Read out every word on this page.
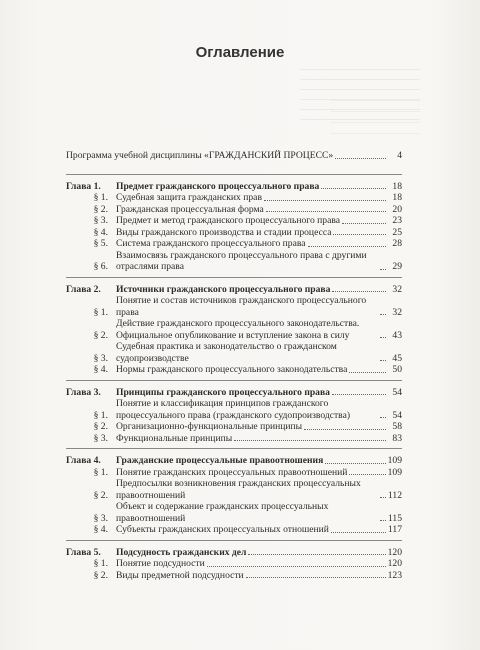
Оглавление
Программа учебной дисциплины «ГРАЖДАНСКИЙ ПРОЦЕСС»	4
Глава 1.	Предмет гражданского процессуального права	18
§ 1. Судебная защита гражданских прав	18
§ 2. Гражданская процессуальная форма	20
§ 3. Предмет и метод гражданского процессуального права	23
§ 4. Виды гражданского производства и стадии процесса	25
§ 5. Система гражданского процессуального права	28
§ 6.
Взаимосвязь гражданского процессуального права с другими отраслями права	29
Глава 2.	Источники гражданского процессуального права	32
§ 1.
Понятие и состав источников гражданского процессуального права	32
§ 2.
Действие гражданского процессуального законодательства. Официальное опубликование и вступление закона в силу	43
§ 3.
Судебная практика и законодательство о гражданском судопроизводстве	45
§ 4. Нормы гражданского процессуального законодательства	50
Глава 3.	Принципы гражданского процессуального права	54
§ 1.
Понятие и классификация принципов гражданского процессуального права (гражданского судопроизводства)	54
§ 2. Организационно-функциональные принципы	58
§ 3. Функциональные принципы	83
Глава 4.	Гражданские процессуальные правоотношения	109
§ 1. Понятие гражданских процессуальных правоотношений	109
§ 2.
Предпосылки возникновения гражданских процессуальных правоотношений	112
§ 3.
Объект и содержание гражданских процессуальных правоотношений	115
§ 4. Субъекты гражданских процессуальных отношений	117
Глава 5.	Подсудность гражданских дел	120
§ 1. Понятие подсудности	120
§ 2. Виды предметной подсудности	123
